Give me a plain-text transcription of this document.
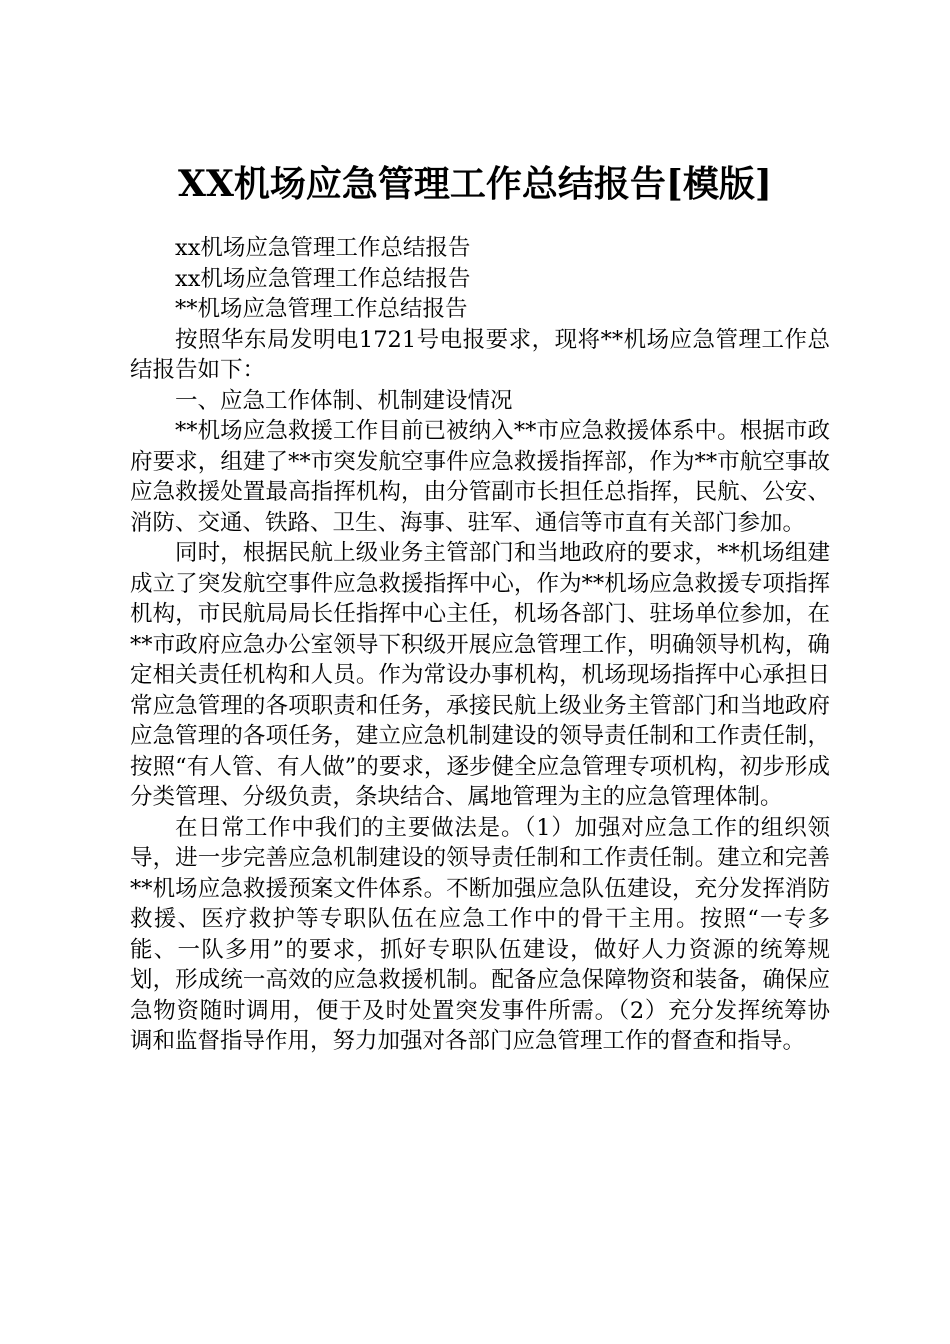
XX机场应急管理工作总结报告[模版]

xx机场应急管理工作总结报告

xx机场应急管理工作总结报告

**机场应急管理工作总结报告

按照华东局发明电1721号电报要求，现将**机场应急管理工作总结报告如下：

一、应急工作体制、机制建设情况

**机场应急救援工作目前已被纳入**市应急救援体系中。根据市政府要求，组建了**市突发航空事件应急救援指挥部，作为**市航空事故应急救援处置最高指挥机构，由分管副市长担任总指挥，民航、公安、消防、交通、铁路、卫生、海事、驻军、通信等市直有关部门参加。

同时，根据民航上级业务主管部门和当地政府的要求，**机场组建成立了突发航空事件应急救援指挥中心，作为**机场应急救援专项指挥机构，市民航局局长任指挥中心主任，机场各部门、驻场单位参加，在**市政府应急办公室领导下积级开展应急管理工作，明确领导机构，确定相关责任机构和人员。作为常设办事机构，机场现场指挥中心承担日常应急管理的各项职责和任务，承接民航上级业务主管部门和当地政府应急管理的各项任务，建立应急机制建设的领导责任制和工作责任制，按照“有人管、有人做”的要求，逐步健全应急管理专项机构，初步形成分类管理、分级负责，条块结合、属地管理为主的应急管理体制。

在日常工作中我们的主要做法是。（1）加强对应急工作的组织领导，进一步完善应急机制建设的领导责任制和工作责任制。建立和完善**机场应急救援预案文件体系。不断加强应急队伍建设，充分发挥消防救援、医疗救护等专职队伍在应急工作中的骨干主用。按照“一专多能、一队多用”的要求，抓好专职队伍建设，做好人力资源的统筹规划，形成统一高效的应急救援机制。配备应急保障物资和装备，确保应急物资随时调用，便于及时处置突发事件所需。（2）充分发挥统筹协调和监督指导作用，努力加强对各部门应急管理工作的督查和指导。
